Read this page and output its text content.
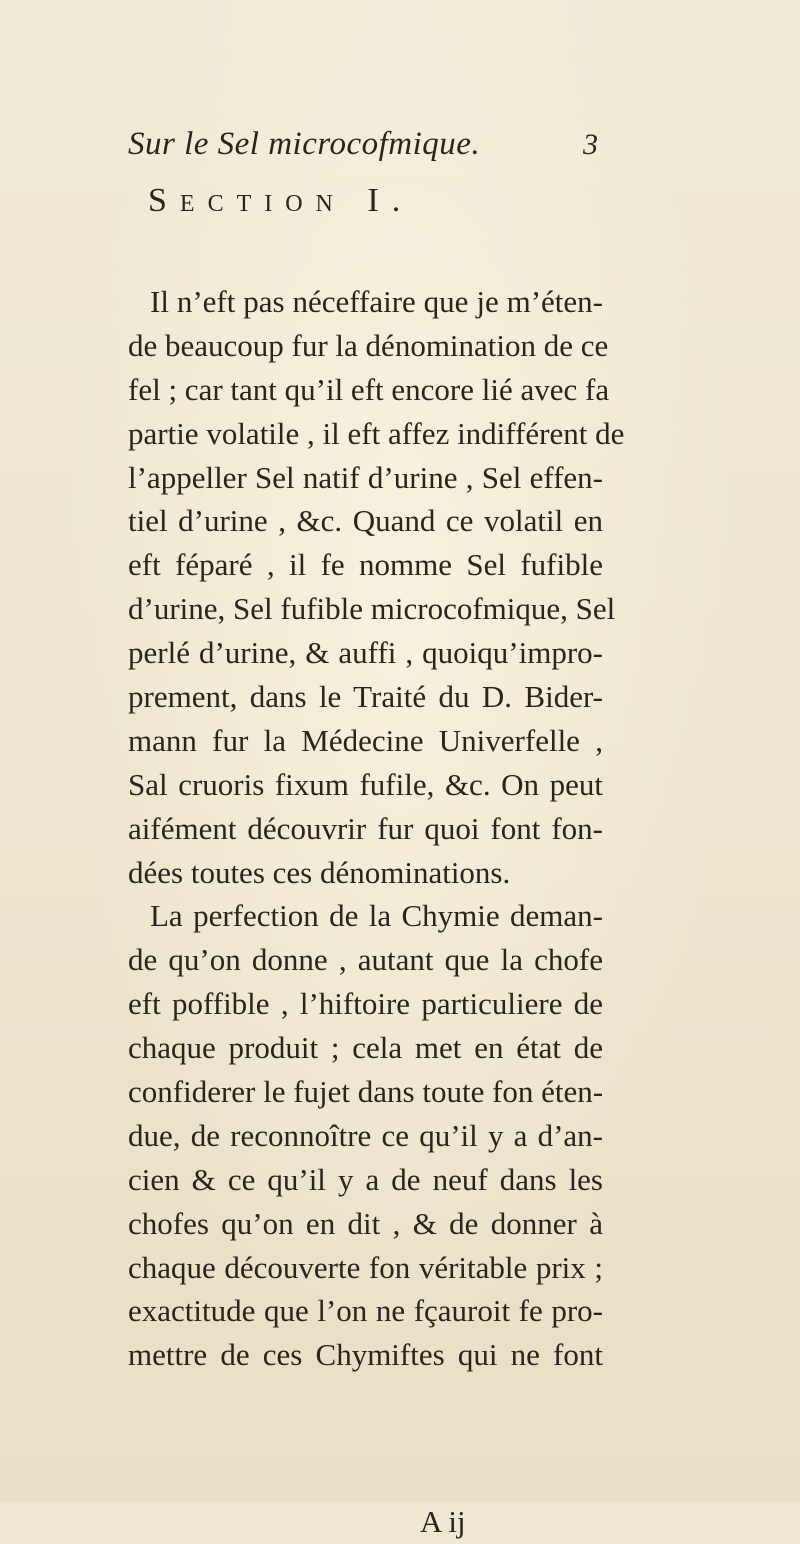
Sur le Sel microcofmique.	3
Section I.
Il n’eft pas néceffaire que je m’éten-
de beaucoup fur la dénomination de ce
fel ; car tant qu’il eft encore lié avec fa
partie volatile , il eft affez indifférent de
l’appeller Sel natif d’urine , Sel effen-
tiel d’urine , &c. Quand ce volatil en
eft féparé , il fe nomme Sel fufible
d’urine, Sel fufible microcofmique, Sel
perlé d’urine, & auffi , quoiqu’impro-
prement, dans le Traité du D. Bider-
mann fur la Médecine Univerfelle ,
Sal cruoris fixum fufile, &c. On peut
aifément découvrir fur quoi font fon-
dées toutes ces dénominations.
La perfection de la Chymie deman-
de qu’on donne , autant que la chofe
eft poffible , l’hiftoire particuliere de
chaque produit ; cela met en état de
confiderer le fujet dans toute fon éten-
due, de reconnoître ce qu’il y a d’an-
cien & ce qu’il y a de neuf dans les
chofes qu’on en dit , & de donner à
chaque découverte fon véritable prix ;
exactitude que l’on ne fçauroit fe pro-
mettre de ces Chymiftes qui ne font
A ij
